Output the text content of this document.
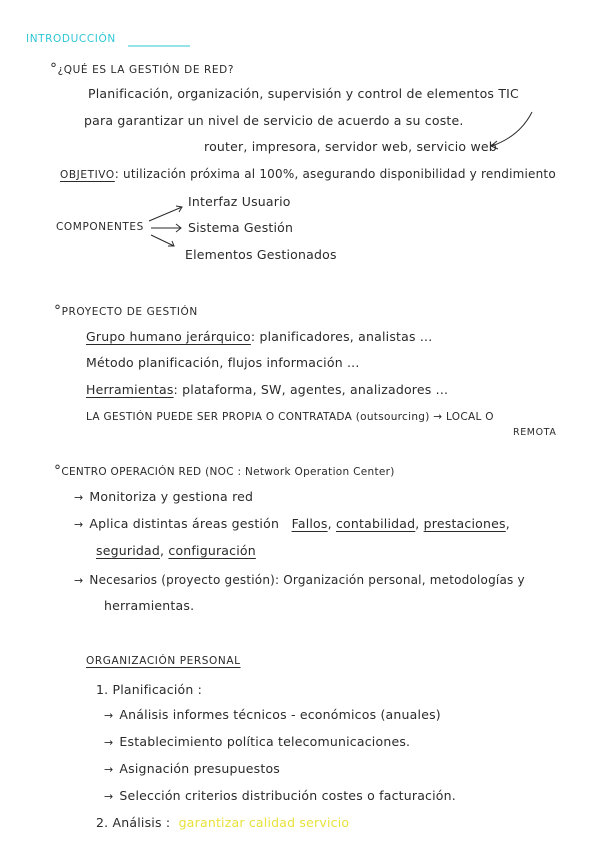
INTRODUCCIÓN
°¿QUÉ ES LA GESTIÓN DE RED?
Planificación, organización, supervisión y control de elementos TIC
para garantizar un nivel de servicio de acuerdo a su coste.
router, impresora, servidor web, servicio web
OBJETIVO: utilización próxima al 100%, asegurando disponibilidad y rendimiento
COMPONENTES
Interfaz Usuario
Sistema Gestión
Elementos Gestionados
°PROYECTO DE GESTIÓN
Grupo humano jerárquico: planificadores, analistas ...
Método planificación, flujos información ...
Herramientas: plataforma, SW, agentes, analizadores ...
LA GESTIÓN PUEDE SER PROPIA O CONTRATADA (outsourcing) → LOCAL O
REMOTA
°CENTRO OPERACIÓN RED (NOC : Network Operation Center)
→ Monitoriza y gestiona red
→ Aplica distintas áreas gestión Fallos, contabilidad, prestaciones,
seguridad, configuración
→ Necesarios (proyecto gestión): Organización personal, metodologías y
herramientas.
ORGANIZACIÓN PERSONAL
1. Planificación :
→ Análisis informes técnicos - económicos (anuales)
→ Establecimiento política telecomunicaciones.
→ Asignación presupuestos
→ Selección criterios distribución costes o facturación.
2. Análisis : garantizar calidad servicio
